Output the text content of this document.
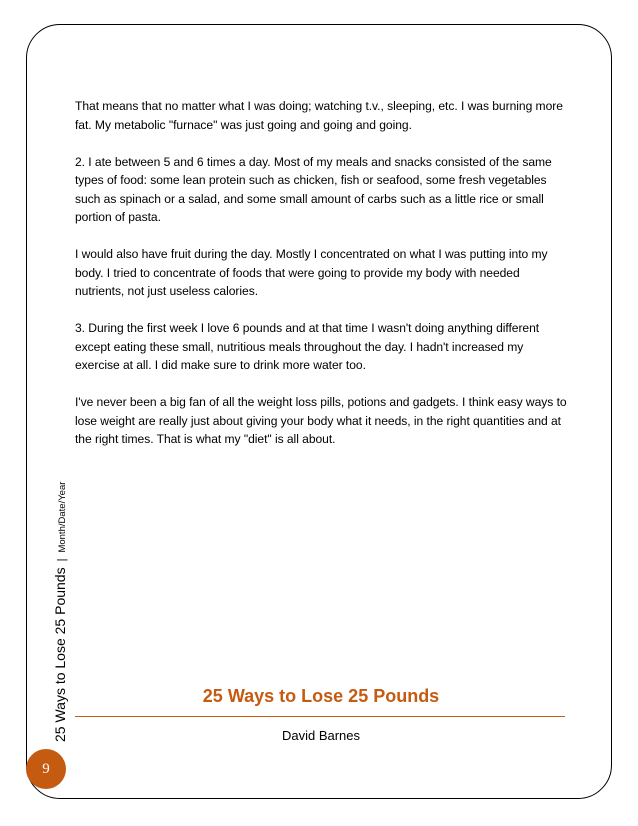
25 Ways to Lose 25 Pounds
|
Month/Date/Year

That means that no matter what I was doing; watching t.v., sleeping, etc. I was burning more fat. My metabolic "furnace" was just going and going and going.

2. I ate between 5 and 6 times a day. Most of my meals and snacks consisted of the same types of food: some lean protein such as chicken, fish or seafood, some fresh vegetables such as spinach or a salad, and some small amount of carbs such as a little rice or small portion of pasta.

I would also have fruit during the day. Mostly I concentrated on what I was putting into my body. I tried to concentrate of foods that were going to provide my body with needed nutrients, not just useless calories.

3. During the first week I love 6 pounds and at that time I wasn't doing anything different except eating these small, nutritious meals throughout the day. I hadn't increased my exercise at all. I did make sure to drink more water too.

I've never been a big fan of all the weight loss pills, potions and gadgets. I think easy ways to lose weight are really just about giving your body what it needs, in the right quantities and at the right times. That is what my "diet" is all about.

25 Ways to Lose 25 Pounds
David Barnes
9
